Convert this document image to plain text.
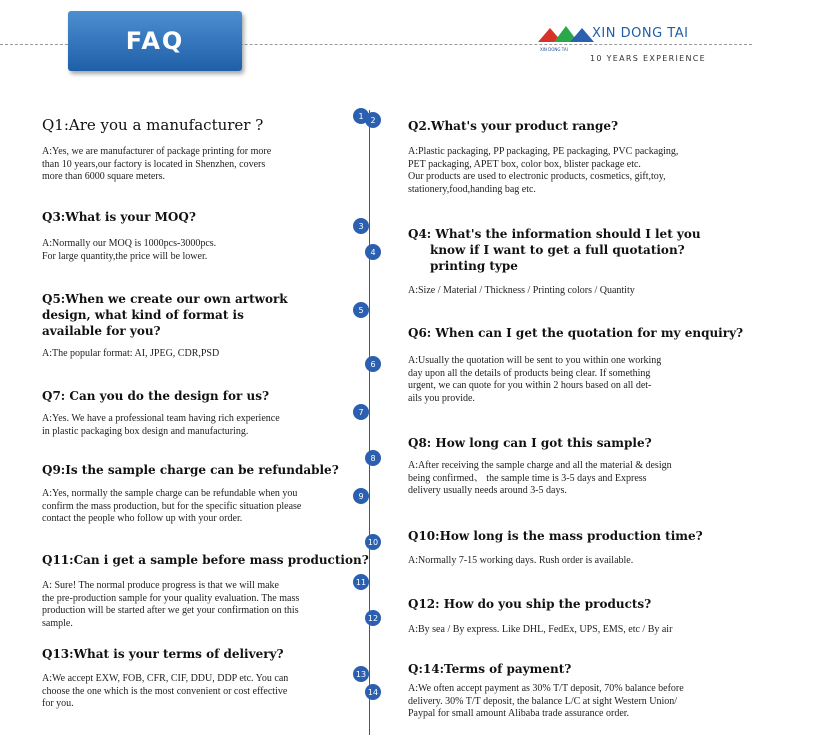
FAQ	XIN DONG TAI
XIN DONG TAI
10 YEARS EXPERIENCE
1 2
3
4
5
6
7
8
9
10
11
12
13
14
Q1:Are you a manufacturer ?
A:Yes, we are manufacturer of package printing for more
than 10 years,our factory is located in Shenzhen, covers
more than 6000 square meters.
Q3:What is your MOQ?
A:Normally our MOQ is 1000pcs-3000pcs.
For large quantity,the price will be lower.
Q5:When we create our own artwork
design, what kind of format is
available for you?
A:The popular format: AI, JPEG, CDR,PSD
Q7: Can you do the design for us?
A:Yes. We have a professional team having rich experience
in plastic packaging box design and manufacturing.
Q9:Is the sample charge can be refundable?
A:Yes, normally the sample charge can be refundable when you
confirm the mass production, but for the specific situation please
contact the people who follow up with your order.
Q11:Can i get a sample before mass production?
A: Sure! The normal produce progress is that we will make
the pre-production sample for your quality evaluation. The mass
production will be started after we get your confirmation on this
sample.
Q13:What is your terms of delivery?
A:We accept EXW, FOB, CFR, CIF, DDU, DDP etc. You can
choose the one which is the most convenient or cost effective
for you.
Q2.What's your product range?
A:Plastic packaging, PP packaging, PE packaging, PVC packaging,
PET packaging, APET box, color box, blister package etc.
Our products are used to electronic products, cosmetics, gift,toy,
stationery,food,handing bag etc.
Q4: What's the information should I let you
know if I want to get a full quotation?
printing type
A:Size / Material / Thickness / Printing colors / Quantity
Q6: When can I get the quotation for my enquiry?
A:Usually the quotation will be sent to you within one working
day upon all the details of products being clear. If something
urgent, we can quote for you within 2 hours based on all det-
ails you provide.
Q8: How long can I got this sample?
A:After receiving the sample charge and all the material & design
being confirmed、 the sample time is 3-5 days and Express
delivery usually needs around 3-5 days.
Q10:How long is the mass production time?
A:Normally 7-15 working days. Rush order is available.
Q12: How do you ship the products?
A:By sea / By express. Like DHL, FedEx, UPS, EMS, etc / By air
Q:14:Terms of payment?
A:We often accept payment as 30% T/T deposit, 70% balance before
delivery. 30% T/T deposit, the balance L/C at sight Western Union/
Paypal for small amount Alibaba trade assurance order.
